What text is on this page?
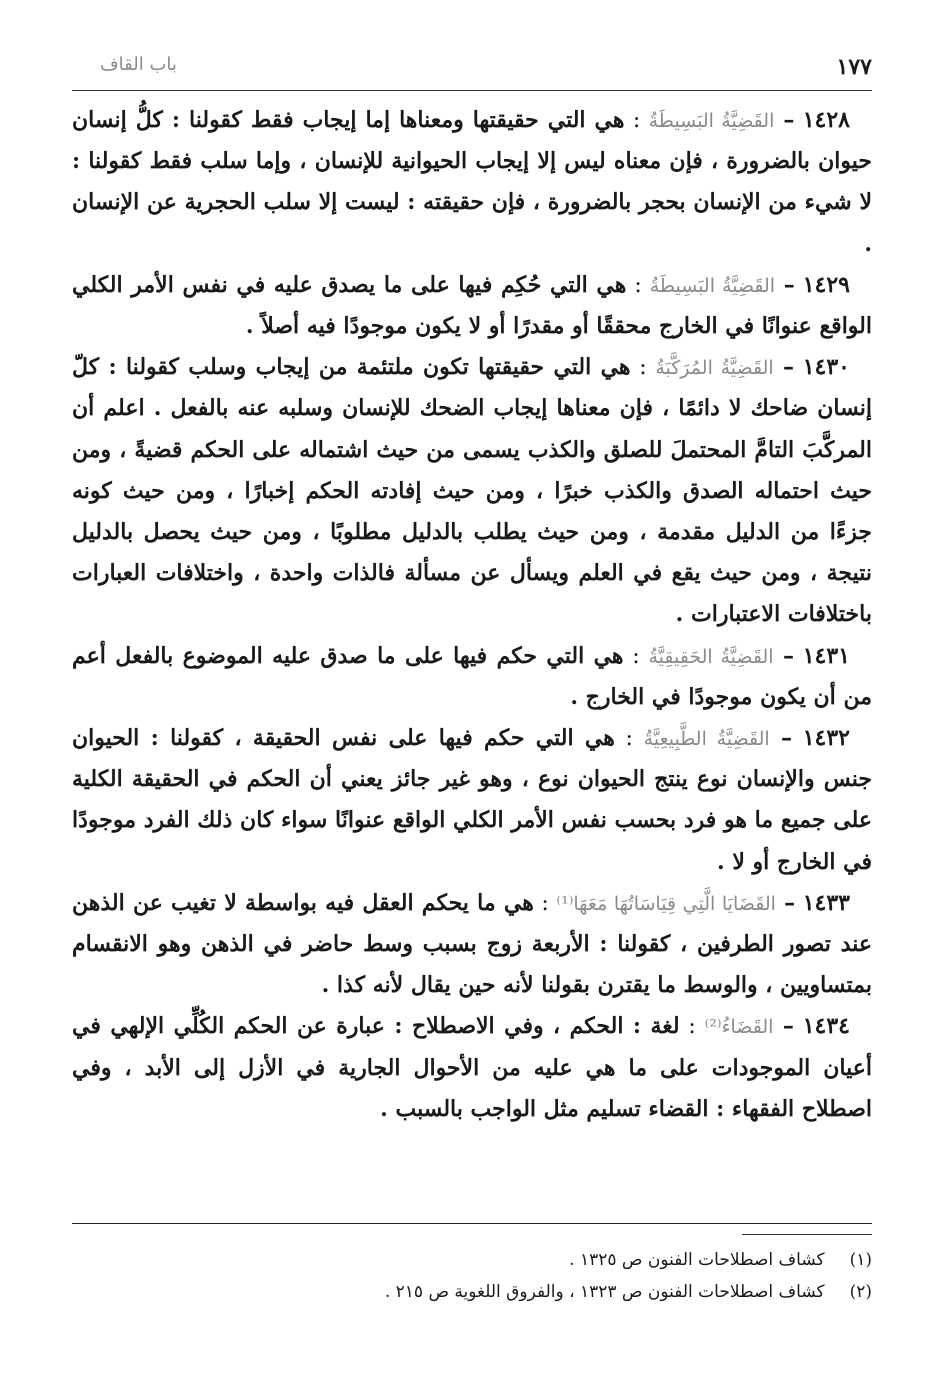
١٧٧
باب القاف

١٤٢٨ – القَضِيَّةُ البَسِيطَةُ : هي التي حقيقتها ومعناها إما إيجاب فقط كقولنا : كلُّ إنسان حيوان بالضرورة ، فإن معناه ليس إلا إيجاب الحيوانية للإنسان ، وإما سلب فقط كقولنا : لا شيء من الإنسان بحجر بالضرورة ، فإن حقيقته : ليست إلا سلب الحجرية عن الإنسان .

١٤٢٩ – القَضِيَّةُ البَسِيطَةُ : هي التي حُكِم فيها على ما يصدق عليه في نفس الأمر الكلي الواقع عنوانًا في الخارج محققًا أو مقدرًا أو لا يكون موجودًا فيه أصلاً .

١٤٣٠ – القَضِيَّةُ المُرَكَّبَةُ : هي التي حقيقتها تكون ملتئمة من إيجاب وسلب كقولنا : كلّ إنسان ضاحك لا دائمًا ، فإن معناها إيجاب الضحك للإنسان وسلبه عنه بالفعل . اعلم أن المركَّبَ التامَّ المحتملَ للصلق والكذب يسمى من حيث اشتماله على الحكم قضيةً ، ومن حيث احتماله الصدق والكذب خبرًا ، ومن حيث إفادته الحكم إخبارًا ، ومن حيث كونه جزءًا من الدليل مقدمة ، ومن حيث يطلب بالدليل مطلوبًا ، ومن حيث يحصل بالدليل نتيجة ، ومن حيث يقع في العلم ويسأل عن مسألة فالذات واحدة ، واختلافات العبارات باختلافات الاعتبارات .

١٤٣١ – القَضِيَّةُ الحَقِيقِيَّةُ : هي التي حكم فيها على ما صدق عليه الموضوع بالفعل أعم من أن يكون موجودًا في الخارج .

١٤٣٢ – القَضِيَّةُ الطَّبِيعِيَّةُ : هي التي حكم فيها على نفس الحقيقة ، كقولنا : الحيوان جنس والإنسان نوع ينتج الحيوان نوع ، وهو غير جائز يعني أن الحكم في الحقيقة الكلية على جميع ما هو فرد بحسب نفس الأمر الكلي الواقع عنوانًا سواء كان ذلك الفرد موجودًا في الخارج أو لا .

١٤٣٣ – القَضَايَا الَّتِي قِيَاسَاتُهَا مَعَهَا⁽¹⁾ : هي ما يحكم العقل فيه بواسطة لا تغيب عن الذهن عند تصور الطرفين ، كقولنا : الأربعة زوج بسبب وسط حاضر في الذهن وهو الانقسام بمتساويين ، والوسط ما يقترن بقولنا لأنه حين يقال لأنه كذا .

١٤٣٤ – القَضَاءُ⁽²⁾ : لغة : الحكم ، وفي الاصطلاح : عبارة عن الحكم الكُلِّي الإلهي في أعيان الموجودات على ما هي عليه من الأحوال الجارية في الأزل إلى الأبد ، وفي اصطلاح الفقهاء : القضاء تسليم مثل الواجب بالسبب .

(١) كشاف اصطلاحات الفنون ص ١٣٢٥ .
(٢) كشاف اصطلاحات الفنون ص ١٣٢٣ ، والفروق اللغوية ص ٢١٥ .
